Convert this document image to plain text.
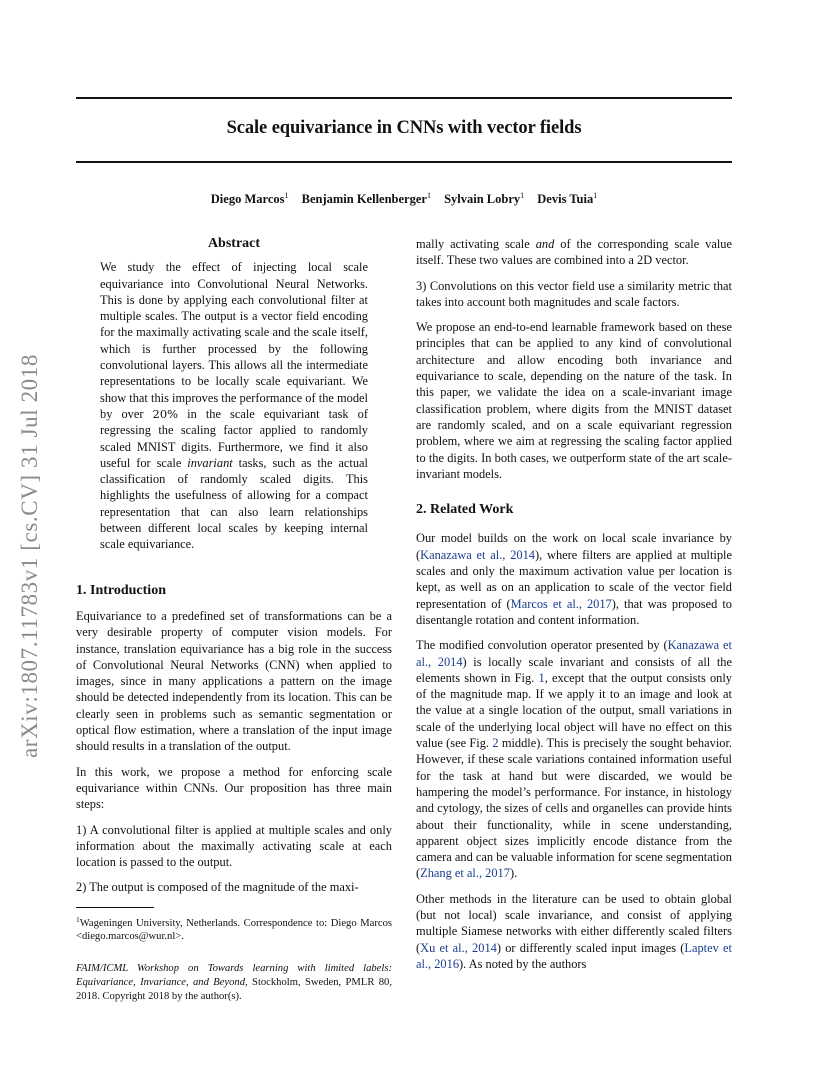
Scale equivariance in CNNs with vector fields
Diego Marcos$^1$ Benjamin Kellenberger$^1$ Sylvain Lobry$^1$ Devis Tuia$^1$
arXiv:1807.11783v1 [cs.CV] 31 Jul 2018
Abstract

We study the effect of injecting local scale equivariance into Convolutional Neural Networks. This is done by applying each convolutional filter at multiple scales. The output is a vector field encoding for the maximally activating scale and the scale itself, which is further processed by the following convolutional layers. This allows all the intermediate representations to be locally scale equivariant. We show that this improves the performance of the model by over 20% in the scale equivariant task of regressing the scaling factor applied to randomly scaled MNIST digits. Furthermore, we find it also useful for scale invariant tasks, such as the actual classification of randomly scaled digits. This highlights the usefulness of allowing for a compact representation that can also learn relationships between different local scales by keeping internal scale equivariance.

1. Introduction

Equivariance to a predefined set of transformations can be a very desirable property of computer vision models. For instance, translation equivariance has a big role in the success of Convolutional Neural Networks (CNN) when applied to images, since in many applications a pattern on the image should be detected independently from its location. This can be clearly seen in problems such as semantic segmentation or optical flow estimation, where a translation of the input image should results in a translation of the output.

In this work, we propose a method for enforcing scale equivariance within CNNs. Our proposition has three main steps:

1) A convolutional filter is applied at multiple scales and only information about the maximally activating scale at each location is passed to the output.

2) The output is composed of the magnitude of the maxi-

$^1$Wageningen University, Netherlands. Correspondence to: Diego Marcos <diego.marcos@wur.nl>.

FAIM/ICML Workshop on Towards learning with limited labels: Equivariance, Invariance, and Beyond, Stockholm, Sweden, PMLR 80, 2018. Copyright 2018 by the author(s).

mally activating scale and of the corresponding scale value itself. These two values are combined into a 2D vector.

3) Convolutions on this vector field use a similarity metric that takes into account both magnitudes and scale factors.

We propose an end-to-end learnable framework based on these principles that can be applied to any kind of convolutional architecture and allow encoding both invariance and equivariance to scale, depending on the nature of the task. In this paper, we validate the idea on a scale-invariant image classification problem, where digits from the MNIST dataset are randomly scaled, and on a scale equivariant regression problem, where we aim at regressing the scaling factor applied to the digits. In both cases, we outperform state of the art scale-invariant models.

2. Related Work

Our model builds on the work on local scale invariance by (Kanazawa et al., 2014), where filters are applied at multiple scales and only the maximum activation value per location is kept, as well as on an application to scale of the vector field representation of (Marcos et al., 2017), that was proposed to disentangle rotation and content information.

The modified convolution operator presented by (Kanazawa et al., 2014) is locally scale invariant and consists of all the elements shown in Fig. 1, except that the output consists only of the magnitude map. If we apply it to an image and look at the value at a single location of the output, small variations in scale of the underlying local object will have no effect on this value (see Fig. 2 middle). This is precisely the sought behavior. However, if these scale variations contained information useful for the task at hand but were discarded, we would be hampering the model’s performance. For instance, in histology and cytology, the sizes of cells and organelles can provide hints about their functionality, while in scene understanding, apparent object sizes implicitly encode distance from the camera and can be valuable information for scene segmentation (Zhang et al., 2017).

Other methods in the literature can be used to obtain global (but not local) scale invariance, and consist of applying multiple Siamese networks with either differently scaled filters (Xu et al., 2014) or differently scaled input images (Laptev et al., 2016). As noted by the authors
